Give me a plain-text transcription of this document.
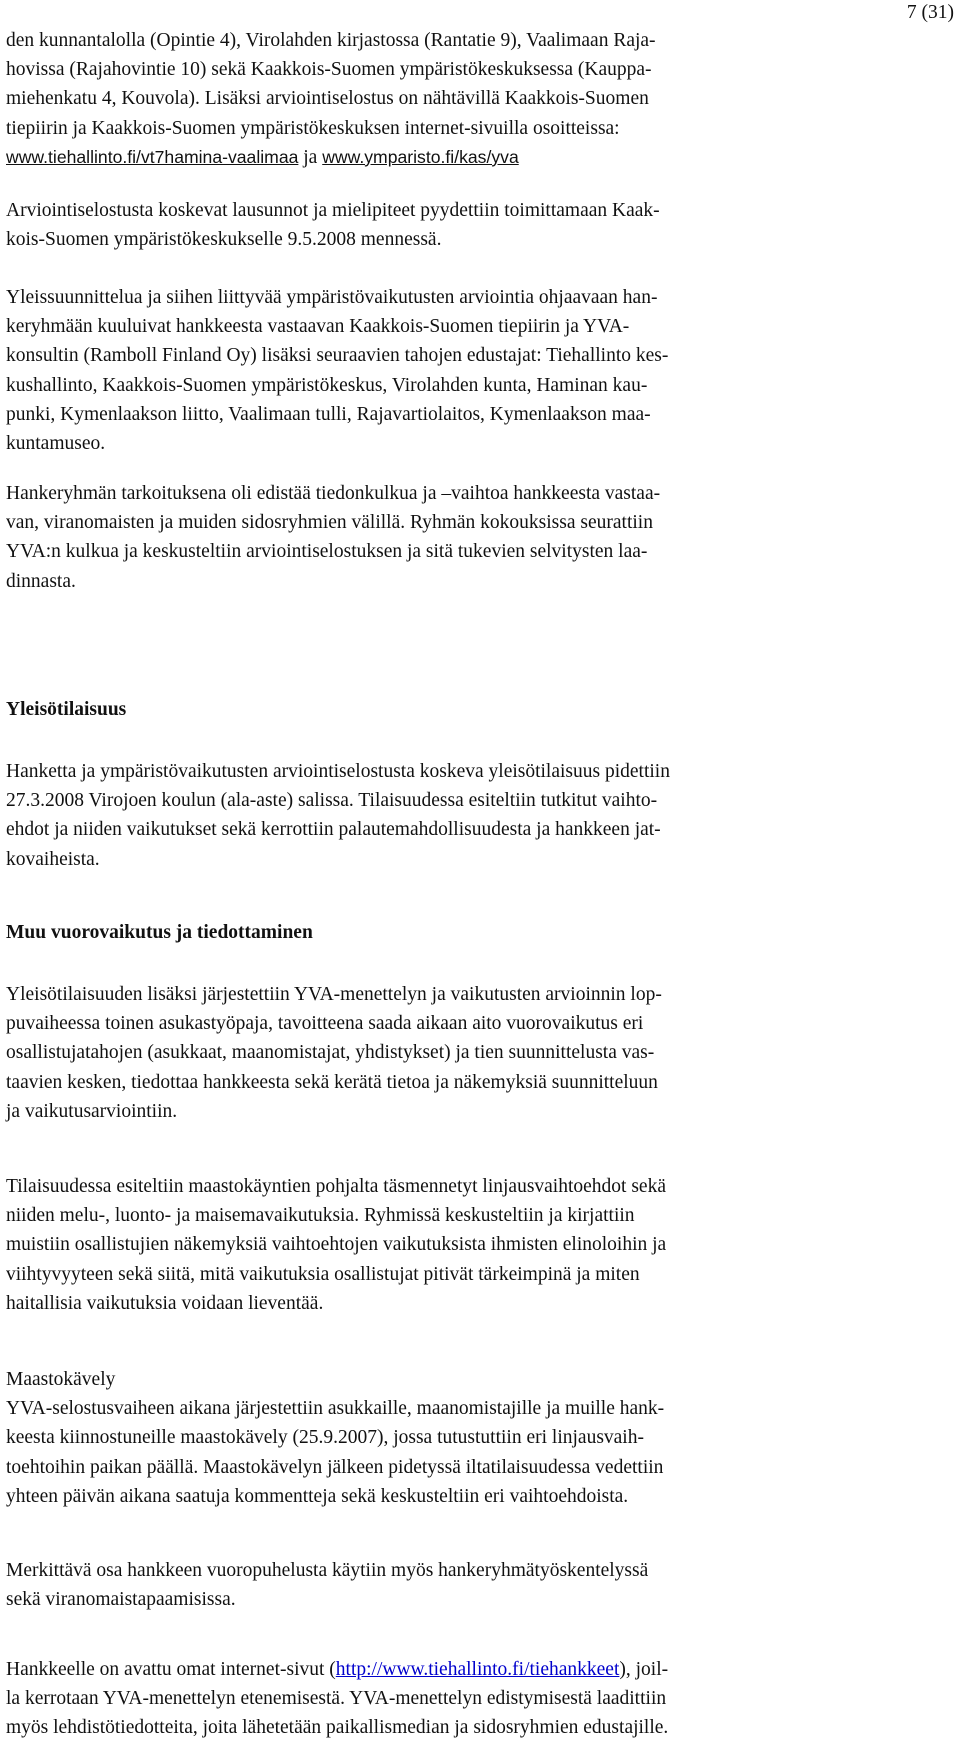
7 (31)

den kunnantalolla (Opintie 4), Virolahden kirjastossa (Rantatie 9), Vaalimaan Raja-
hovissa (Rajahovintie 10) sekä Kaakkois-Suomen ympäristökeskuksessa (Kauppa-
miehenkatu 4, Kouvola). Lisäksi arviointiselostus on nähtävillä Kaakkois-Suomen
tiepiirin ja Kaakkois-Suomen ympäristökeskuksen internet-sivuilla osoitteissa:
www.tiehallinto.fi/vt7hamina-vaalimaa ja www.ymparisto.fi/kas/yva

Arviointiselostusta koskevat lausunnot ja mielipiteet pyydettiin toimittamaan Kaak-
kois-Suomen ympäristökeskukselle 9.5.2008 mennessä.

Yleissuunnittelua ja siihen liittyvää ympäristövaikutusten arviointia ohjaavaan han-
keryhmään kuuluivat hankkeesta vastaavan Kaakkois-Suomen tiepiirin ja YVA-
konsultin (Ramboll Finland Oy) lisäksi seuraavien tahojen edustajat: Tiehallinto kes-
kushallinto, Kaakkois-Suomen ympäristökeskus, Virolahden kunta, Haminan kau-
punki, Kymenlaakson liitto, Vaalimaan tulli, Rajavartiolaitos, Kymenlaakson maa-
kuntamuseo.

Hankeryhmän tarkoituksena oli edistää tiedonkulkua ja –vaihtoa hankkeesta vastaa-
van, viranomaisten ja muiden sidosryhmien välillä. Ryhmän kokouksissa seurattiin
YVA:n kulkua ja keskusteltiin arviointiselostuksen ja sitä tukevien selvitysten laa-
dinnasta.

Yleisötilaisuus

Hanketta ja ympäristövaikutusten arviointiselostusta koskeva yleisötilaisuus pidettiin
27.3.2008 Virojoen koulun (ala-aste) salissa. Tilaisuudessa esiteltiin tutkitut vaihto-
ehdot ja niiden vaikutukset sekä kerrottiin palautemahdollisuudesta ja hankkeen jat-
kovaiheista.

Muu vuorovaikutus ja tiedottaminen

Yleisötilaisuuden lisäksi järjestettiin YVA-menettelyn ja vaikutusten arvioinnin lop-
puvaiheessa toinen asukastyöpaja, tavoitteena saada aikaan aito vuorovaikutus eri
osallistujatahojen (asukkaat, maanomistajat, yhdistykset) ja tien suunnittelusta vas-
taavien kesken, tiedottaa hankkeesta sekä kerätä tietoa ja näkemyksiä suunnitteluun
ja vaikutusarviointiin.

Tilaisuudessa esiteltiin maastokäyntien pohjalta täsmennetyt linjausvaihtoehdot sekä
niiden melu-, luonto- ja maisemavaikutuksia. Ryhmissä keskusteltiin ja kirjattiin
muistiin osallistujien näkemyksiä vaihtoehtojen vaikutuksista ihmisten elinoloihin ja
viihtyvyyteen sekä siitä, mitä vaikutuksia osallistujat pitivät tärkeimpinä ja miten
haitallisia vaikutuksia voidaan lieventää.

Maastokävely
YVA-selostusvaiheen aikana järjestettiin asukkaille, maanomistajille ja muille hank-
keesta kiinnostuneille maastokävely (25.9.2007), jossa tutustuttiin eri linjausvaih-
toehtoihin paikan päällä. Maastokävelyn jälkeen pidetyssä iltatilaisuudessa vedettiin
yhteen päivän aikana saatuja kommentteja sekä keskusteltiin eri vaihtoehdoista.

Merkittävä osa hankkeen vuoropuhelusta käytiin myös hankeryhmätyöskentelyssä
sekä viranomaistapaamisissa.

Hankkeelle on avattu omat internet-sivut (http://www.tiehallinto.fi/tiehankkeet), joil-
la kerrotaan YVA-menettelyn etenemisestä. YVA-menettelyn edistymisestä laadittiin
myös lehdistötiedotteita, joita lähetetään paikallismedian ja sidosryhmien edustajille.
